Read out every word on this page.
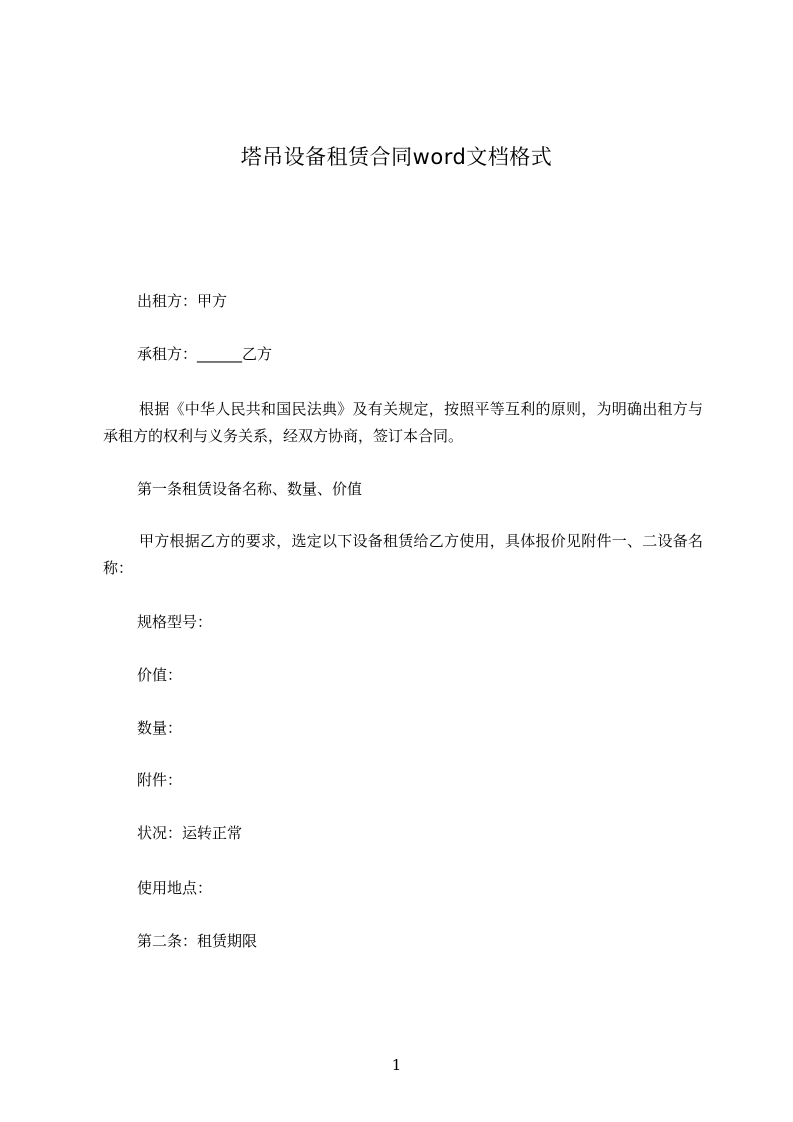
塔吊设备租赁合同word文档格式
出租方：甲方
承租方：______乙方
根据《中华人民共和国民法典》及有关规定，按照平等互利的原则，为明确出租方与承租方的权利与义务关系，经双方协商，签订本合同。
第一条租赁设备名称、数量、价值
甲方根据乙方的要求，选定以下设备租赁给乙方使用，具体报价见附件一、二设备名称：
规格型号：
价值：
数量：
附件：
状况：运转正常
使用地点：
第二条：租赁期限
1
